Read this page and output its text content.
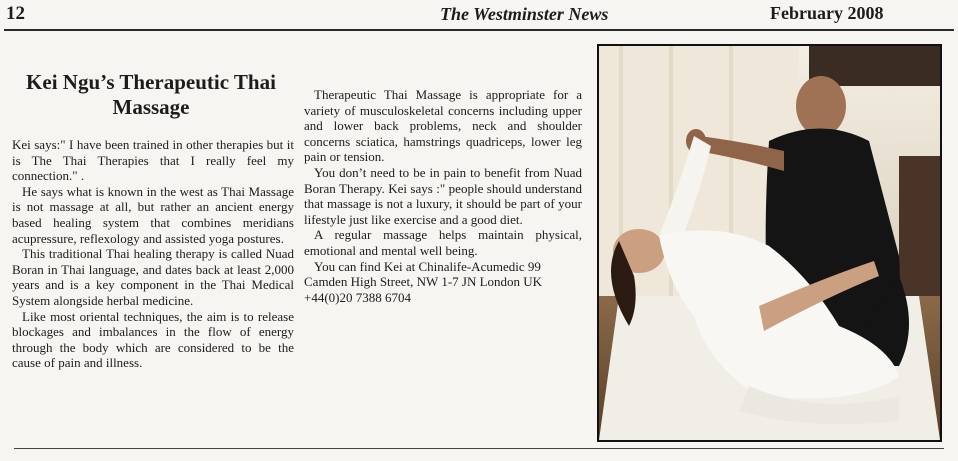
12	The Westminster News	February 2008
Kei Ngu’s Therapeutic Thai
Massage

Kei says:" I have been trained in other therapies but it is The Thai Therapies that I really feel my connection." .

He says what is known in the west as Thai Massage is not massage at all, but rather an ancient energy based healing system that combines meridians acupressure, reflexology and assisted yoga postures.

This traditional Thai healing therapy is called Nuad Boran in Thai language, and dates back at least 2,000 years and is a key component in the Thai Medical System alongside herbal medicine.

Like most oriental techniques, the aim is to release blockages and imbalances in the flow of energy through the body which are considered to be the cause of pain and illness.

Therapeutic Thai Massage is appropriate for a variety of musculoskeletal concerns including upper and lower back problems, neck and shoulder concerns sciatica, hamstrings quadriceps, lower leg pain or tension.

You don’t need to be in pain to benefit from Nuad Boran Therapy. Kei says :" people should understand that massage is not a luxury, it should be part of your lifestyle just like exercise and a good diet.

A regular massage helps maintain physical, emotional and mental well being.

You can find Kei at Chinalife-Acumedic 99
Camden High Street, NW 1-7 JN London UK
+44(0)20 7388 6704
